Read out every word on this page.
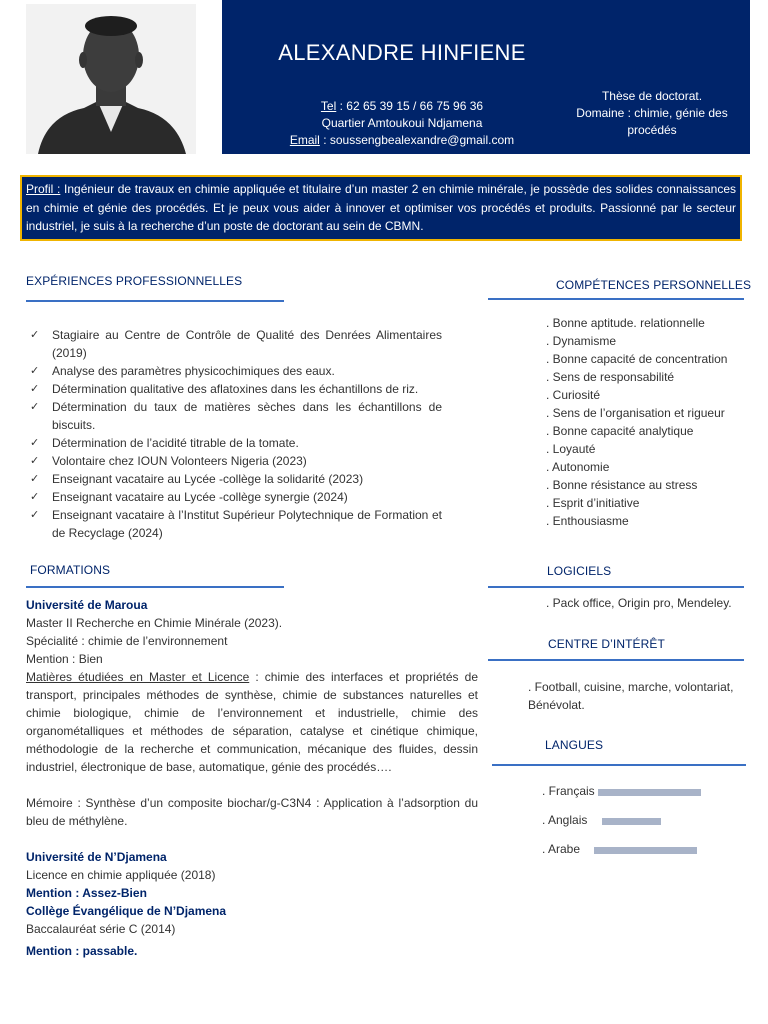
ALEXANDRE HINFIENE
Tel : 62 65 39 15 / 66 75 96 36
Quartier Amtoukoui Ndjamena
Email : soussengbealexandre@gmail.com
Thèse de doctorat.
Domaine : chimie, génie des procédés
Profil : Ingénieur de travaux en chimie appliquée et titulaire d’un master 2 en chimie minérale, je possède des solides connaissances en chimie et génie des procédés. Et je peux vous aider à innover et optimiser vos procédés et produits. Passionné par le secteur industriel, je suis à la recherche d’un poste de doctorant au sein de CBMN.
EXPÉRIENCES PROFESSIONNELLES
✓ Stagiaire au Centre de Contrôle de Qualité des Denrées Alimentaires (2019)
✓ Analyse des paramètres physicochimiques des eaux.
✓ Détermination qualitative des aflatoxines dans les échantillons de riz.
✓ Détermination du taux de matières sèches dans les échantillons de biscuits.
✓ Détermination de l’acidité titrable de la tomate.
✓ Volontaire chez IOUN Volonteers Nigeria (2023)
✓ Enseignant vacataire au Lycée -collège la solidarité (2023)
✓ Enseignant vacataire au Lycée -collège synergie (2024)
✓ Enseignant vacataire à l’Institut Supérieur Polytechnique de Formation et de Recyclage (2024)
COMPÉTENCES PERSONNELLES
. Bonne aptitude. relationnelle
. Dynamisme
. Bonne capacité de concentration
. Sens de responsabilité
. Curiosité
. Sens de l’organisation et rigueur
. Bonne capacité analytique
. Loyauté
. Autonomie
. Bonne résistance au stress
. Esprit d’initiative
. Enthousiasme
FORMATIONS
Université de Maroua
Master II Recherche en Chimie Minérale (2023).
Spécialité : chimie de l’environnement
Mention : Bien
Matières étudiées en Master et Licence : chimie des interfaces et propriétés de transport, principales méthodes de synthèse, chimie de substances naturelles et chimie biologique, chimie de l’environnement et industrielle, chimie des organométalliques et méthodes de séparation, catalyse et cinétique chimique, méthodologie de la recherche et communication, mécanique des fluides, dessin industriel, électronique de base, automatique, génie des procédés….
Mémoire : Synthèse d’un composite biochar/g-C3N4 : Application à l’adsorption du bleu de méthylène.
Université de N’Djamena
Licence en chimie appliquée (2018)
Mention : Assez-Bien
Collège Évangélique de N’Djamena
Baccalauréat série C (2014)
Mention : passable.
LOGICIELS
. Pack office, Origin pro, Mendeley.
CENTRE D’INTÉRÊT
. Football, cuisine, marche, volontariat, Bénévolat.
LANGUES
. Français
. Anglais
. Arabe
